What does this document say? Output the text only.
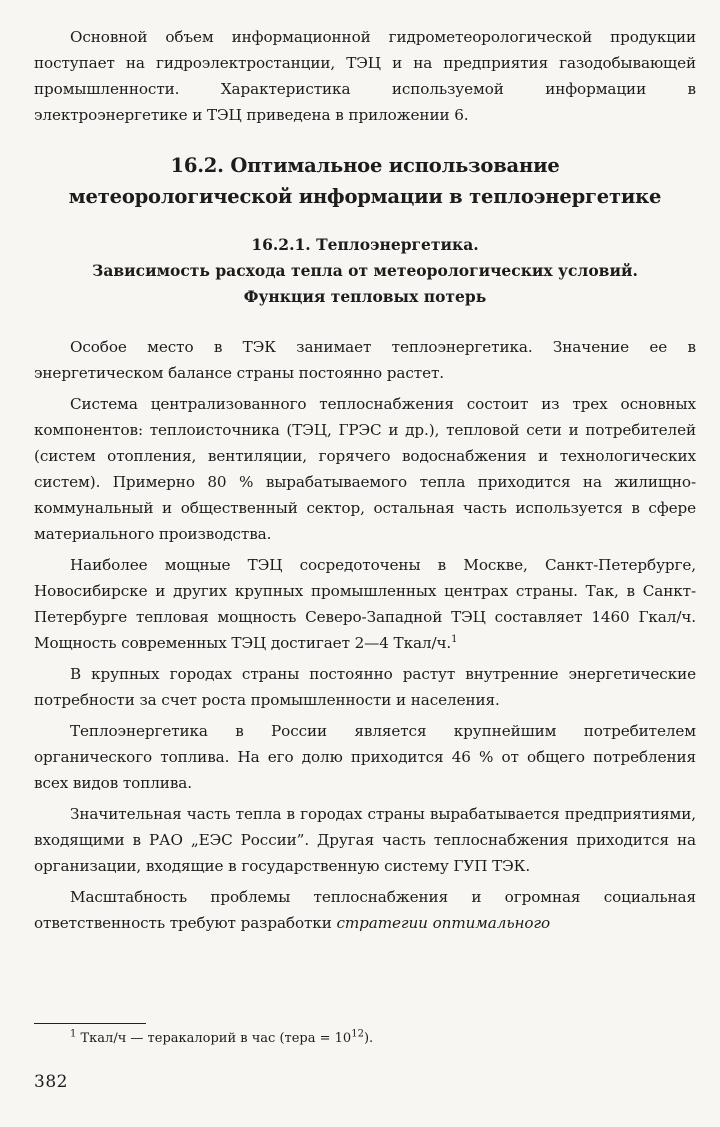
Основной объем информационной гидрометеорологической продукции поступает на гидроэлектростанции, ТЭЦ и на предприятия газодобывающей промышленности. Характеристика используемой информации в электроэнергетике и ТЭЦ приведена в приложении 6.

16.2. Оптимальное использование
метеорологической информации в теплоэнергетике
16.2.1. Теплоэнергетика.
Зависимость расхода тепла от метеорологических условий.
Функция тепловых потерь

Особое место в ТЭК занимает теплоэнергетика. Значение ее в энергетическом балансе страны постоянно растет.

Система централизованного теплоснабжения состоит из трех основных компонентов: теплоисточника (ТЭЦ, ГРЭС и др.), тепловой сети и потребителей (систем отопления, вентиляции, горячего водоснабжения и технологических систем). Примерно 80 % вырабатываемого тепла приходится на жилищно-коммунальный и общественный сектор, остальная часть используется в сфере материального производства.

Наиболее мощные ТЭЦ сосредоточены в Москве, Санкт-Петербурге, Новосибирске и других крупных промышленных центрах страны. Так, в Санкт-Петербурге тепловая мощность Северо-Западной ТЭЦ составляет 1460 Гкал/ч. Мощность современных ТЭЦ достигает 2—4 Ткал/ч.$^1$

В крупных городах страны постоянно растут внутренние энергетические потребности за счет роста промышленности и населения.

Теплоэнергетика в России является крупнейшим потребителем органического топлива. На его долю приходится 46 % от общего потребления всех видов топлива.

Значительная часть тепла в городах страны вырабатывается предприятиями, входящими в РАО „ЕЭС России”. Другая часть теплоснабжения приходится на организации, входящие в государственную систему ГУП ТЭК.

Масштабность проблемы теплоснабжения и огромная социальная ответственность требуют разработки стратегии оптимального

$^1$ Ткал/ч — теракалорий в час (тера = $10^{12}$).
382
